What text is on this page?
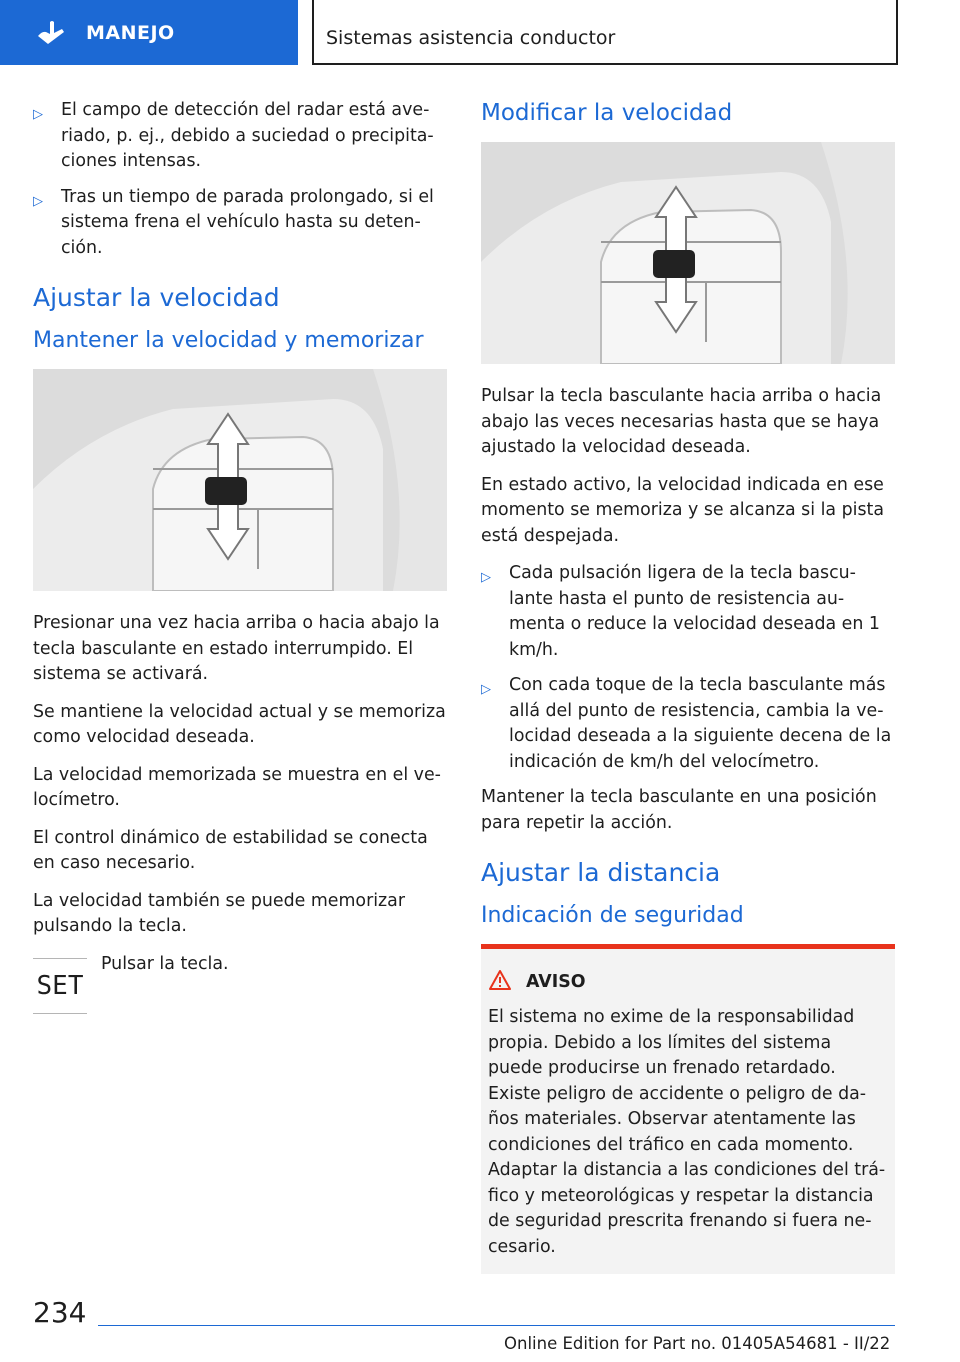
MANEJO	Sistemas asistencia conductor
▷ El campo de detección del radar está ave‐ riado, p. ej., debido a suciedad o precipita‐ ciones intensas.
▷ Tras un tiempo de parada prolongado, si el sistema frena el vehículo hasta su deten‐ ción.
Ajustar la velocidad
Mantener la velocidad y memorizar

Presionar una vez hacia arriba o hacia abajo la tecla basculante en estado interrumpido. El sistema se activará.

Se mantiene la velocidad actual y se memoriza como velocidad deseada.

La velocidad memorizada se muestra en el ve‐ locímetro.

El control dinámico de estabilidad se conecta en caso necesario.

La velocidad también se puede memorizar pulsando la tecla.

SET
Pulsar la tecla.
Modificar la velocidad

Pulsar la tecla basculante hacia arriba o hacia abajo las veces necesarias hasta que se haya ajustado la velocidad deseada.

En estado activo, la velocidad indicada en ese momento se memoriza y se alcanza si la pista está despejada.

▷ Cada pulsación ligera de la tecla bascu‐ lante hasta el punto de resistencia au‐ menta o reduce la velocidad deseada en 1 km/h.
▷ Con cada toque de la tecla basculante más allá del punto de resistencia, cambia la ve‐ locidad deseada a la siguiente decena de la indicación de km/h del velocímetro.

Mantener la tecla basculante en una posición para repetir la acción.

Ajustar la distancia
Indicación de seguridad
AVISO

El sistema no exime de la responsabilidad propia. Debido a los límites del sistema puede producirse un frenado retardado. Existe peligro de accidente o peligro de da‐ ños materiales. Observar atentamente las condiciones del tráfico en cada momento. Adaptar la distancia a las condiciones del trá‐ fico y meteorológicas y respetar la distancia de seguridad prescrita frenando si fuera ne‐ cesario.

234
Online Edition for Part no. 01405A54681 - II/22
